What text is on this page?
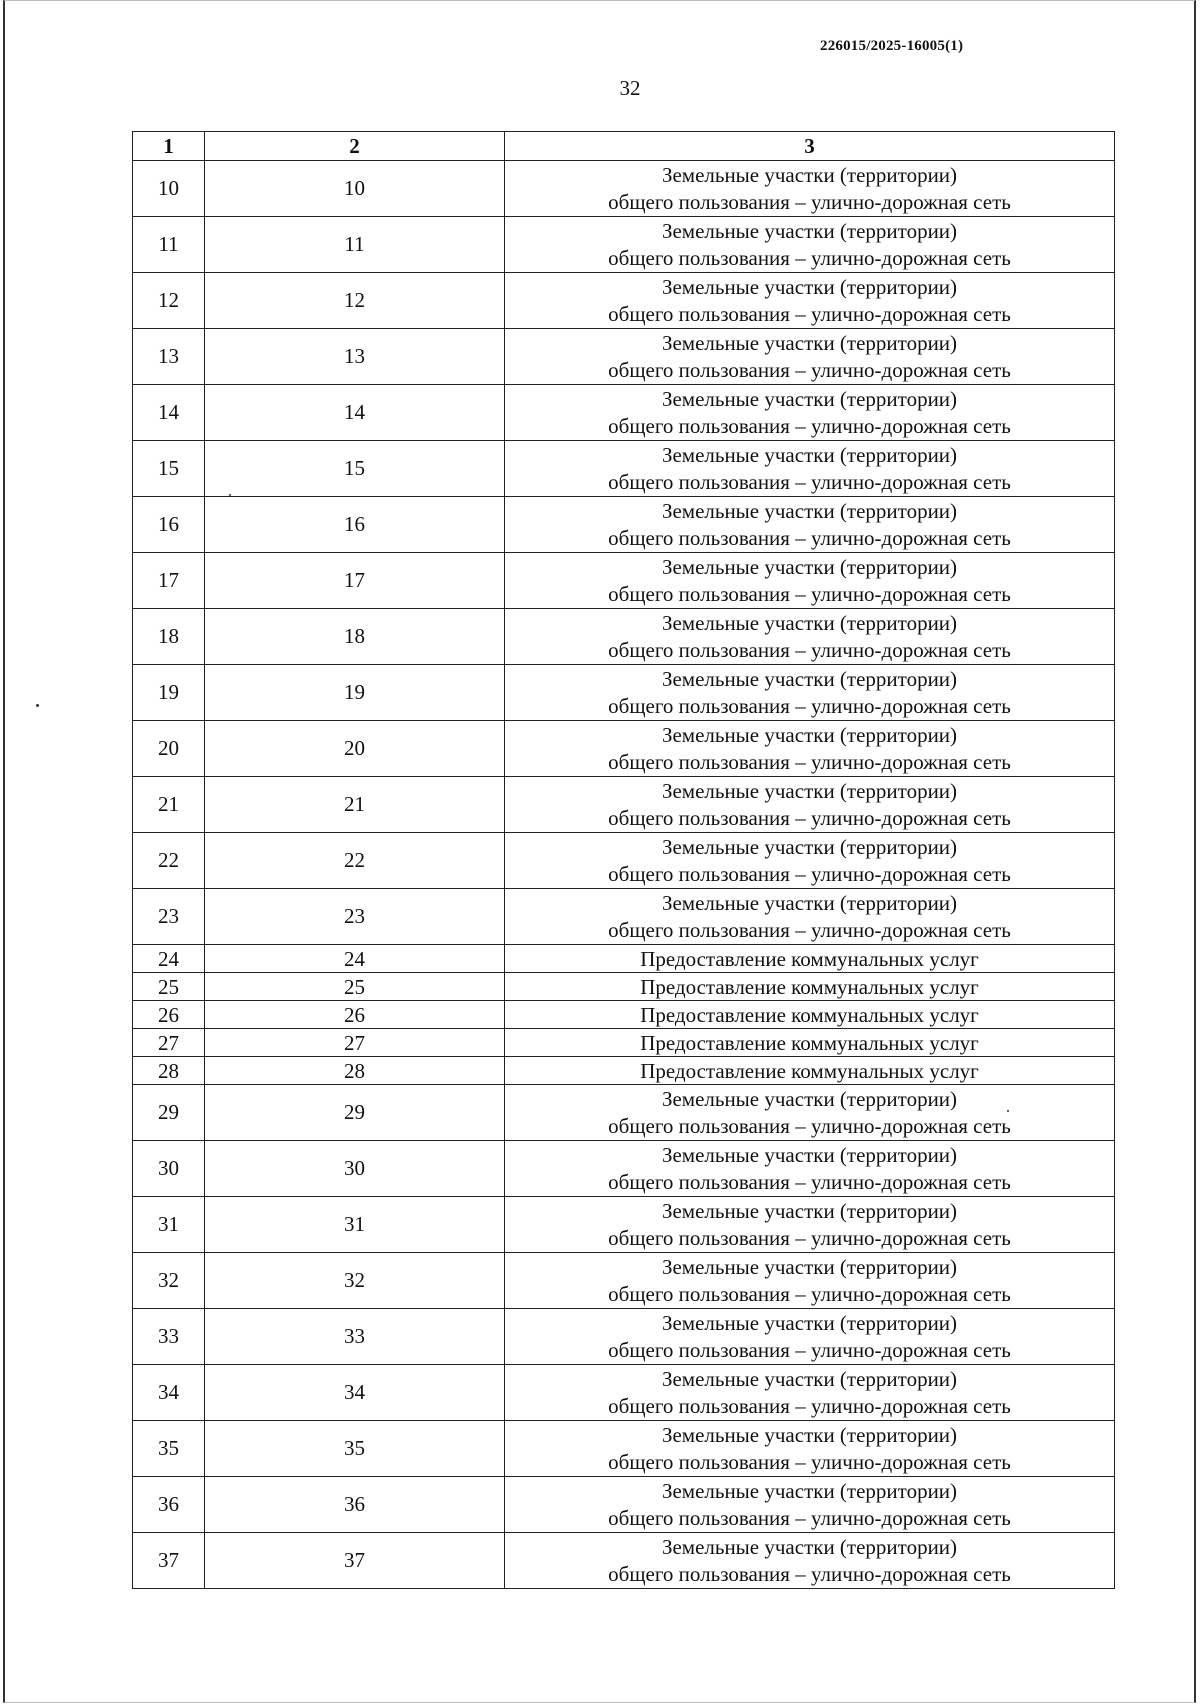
226015/2025-16005(1)
32
1	2	3
10	10	Земельные участки (территории)
общего пользования – улично-дорожная сеть

11	11	Земельные участки (территории)
общего пользования – улично-дорожная сеть

12	12	Земельные участки (территории)
общего пользования – улично-дорожная сеть

13	13	Земельные участки (территории)
общего пользования – улично-дорожная сеть

14	14	Земельные участки (территории)
общего пользования – улично-дорожная сеть

15	15	Земельные участки (территории)
общего пользования – улично-дорожная сеть

16	16	Земельные участки (территории)
общего пользования – улично-дорожная сеть

17	17	Земельные участки (территории)
общего пользования – улично-дорожная сеть

18	18	Земельные участки (территории)
общего пользования – улично-дорожная сеть

19	19	Земельные участки (территории)
общего пользования – улично-дорожная сеть

20	20	Земельные участки (территории)
общего пользования – улично-дорожная сеть

21	21	Земельные участки (территории)
общего пользования – улично-дорожная сеть

22	22	Земельные участки (территории)
общего пользования – улично-дорожная сеть

23	23	Земельные участки (территории)
общего пользования – улично-дорожная сеть

24	24	Предоставление коммунальных услуг

25	25	Предоставление коммунальных услуг

26	26	Предоставление коммунальных услуг

27	27	Предоставление коммунальных услуг

28	28	Предоставление коммунальных услуг

29	29	Земельные участки (территории)
общего пользования – улично-дорожная сеть

30	30	Земельные участки (территории)
общего пользования – улично-дорожная сеть

31	31	Земельные участки (территории)
общего пользования – улично-дорожная сеть

32	32	Земельные участки (территории)
общего пользования – улично-дорожная сеть

33	33	Земельные участки (территории)
общего пользования – улично-дорожная сеть

34	34	Земельные участки (территории)
общего пользования – улично-дорожная сеть

35	35	Земельные участки (территории)
общего пользования – улично-дорожная сеть

36	36	Земельные участки (территории)
общего пользования – улично-дорожная сеть

37	37	Земельные участки (территории)
общего пользования – улично-дорожная сеть
